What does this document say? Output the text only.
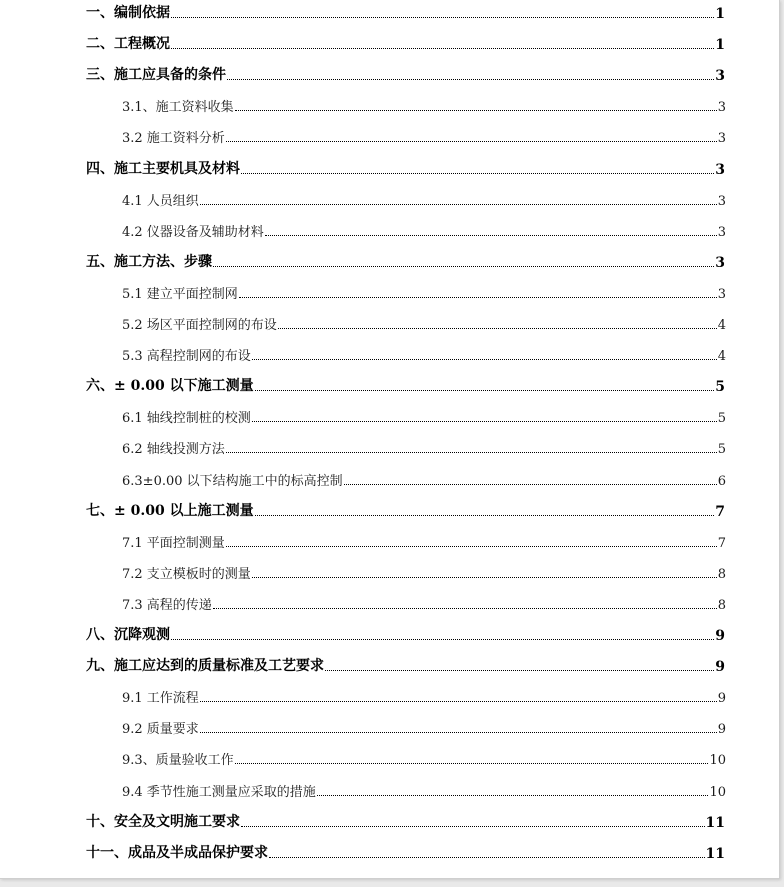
一、编制依据	1
二、工程概况	1
三、施工应具备的条件	3
3.1、施工资料收集	3
3.2 施工资料分析	3
四、施工主要机具及材料	3
4.1 人员组织	3
4.2 仪器设备及辅助材料	3
五、施工方法、步骤	3
5.1 建立平面控制网	3
5.2 场区平面控制网的布设	4
5.3 高程控制网的布设	4
六、± 0.00 以下施工测量	5
6.1 轴线控制桩的校测	5
6.2 轴线投测方法	5
6.3±0.00 以下结构施工中的标高控制	6
七、± 0.00 以上施工测量	7
7.1 平面控制测量	7
7.2 支立模板时的测量	8
7.3 高程的传递	8
八、沉降观测	9
九、施工应达到的质量标准及工艺要求	9
9.1 工作流程	9
9.2 质量要求	9
9.3、质量验收工作	10
9.4 季节性施工测量应采取的措施	10
十、安全及文明施工要求	11
十一、成品及半成品保护要求	11
